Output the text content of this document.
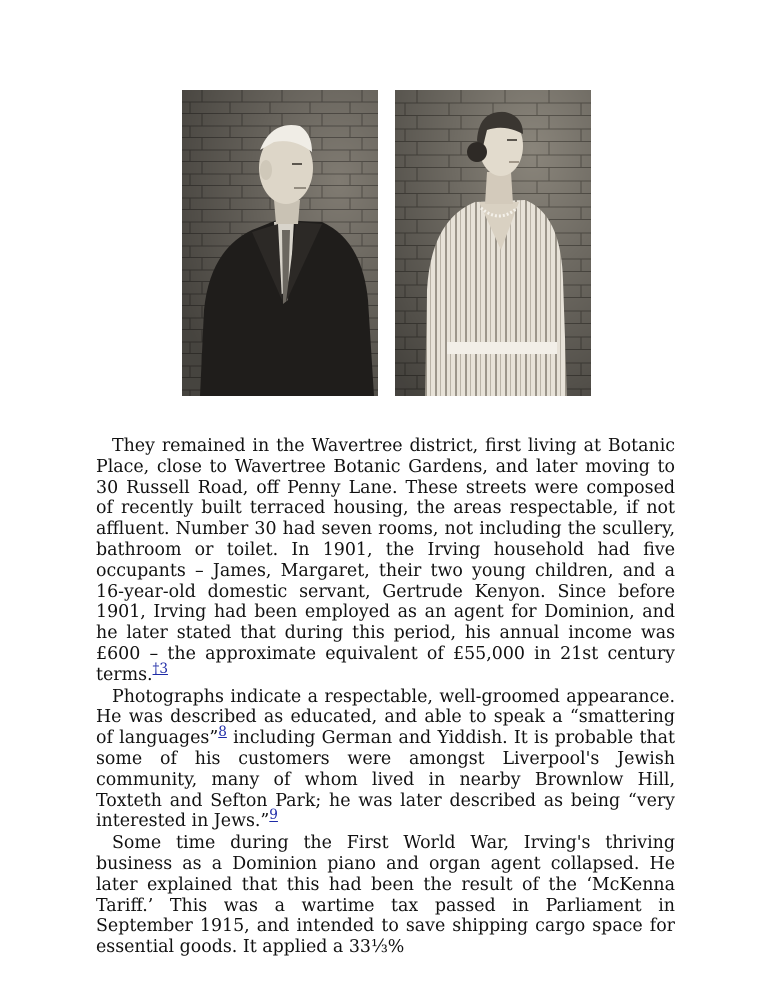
They remained in the Wavertree district, first living at Botanic Place, close to Wavertree Botanic Gardens, and later moving to 30 Russell Road, off Penny Lane. These streets were composed of recently built terraced housing, the areas respectable, if not affluent. Number 30 had seven rooms, not including the scullery, bathroom or toilet. In 1901, the Irving household had five occupants – James, Margaret, their two young children, and a 16-year-old domestic servant, Gertrude Kenyon. Since before 1901, Irving had been employed as an agent for Dominion, and he later stated that during this period, his annual income was £600 – the approximate equivalent of £55,000 in 21st century terms.$^{\dagger 3}$

Photographs indicate a respectable, well-groomed appearance. He was described as educated, and able to speak a “smattering of languages”$^8$ including German and Yiddish. It is probable that some of his customers were amongst Liverpool's Jewish community, many of whom lived in nearby Brownlow Hill, Toxteth and Sefton Park; he was later described as being “very interested in Jews.”$^9$

Some time during the First World War, Irving's thriving business as a Dominion piano and organ agent collapsed. He later explained that this had been the result of the ‘McKenna Tariff.’ This was a wartime tax passed in Parliament in September 1915, and intended to save shipping cargo space for essential goods. It applied a 33⅓%
